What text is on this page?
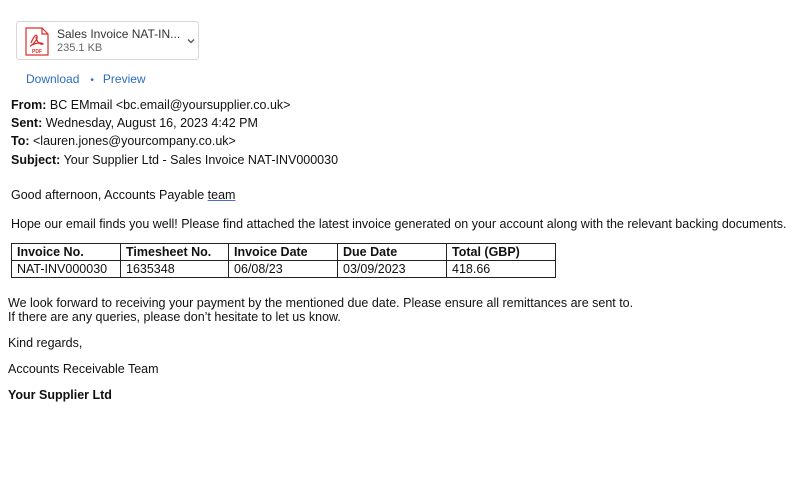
PDF
Sales Invoice NAT-IN...
235.1 KB
Download • Preview
From: BC EMmail <bc.email@yoursupplier.co.uk>
Sent: Wednesday, August 16, 2023 4:42 PM
To: <lauren.jones@yourcompany.co.uk>
Subject: Your Supplier Ltd - Sales Invoice NAT-INV000030
Good afternoon, Accounts Payable team
Hope our email finds you well! Please find attached the latest invoice generated on your account along with the relevant backing documents.
Invoice No.	Timesheet No.	Invoice Date	Due Date	Total (GBP)
NAT-INV000030	1635348	06/08/23	03/09/2023	418.66
We look forward to receiving your payment by the mentioned due date. Please ensure all remittances are sent to.
If there are any queries, please don’t hesitate to let us know.
Kind regards,
Accounts Receivable Team
Your Supplier Ltd
